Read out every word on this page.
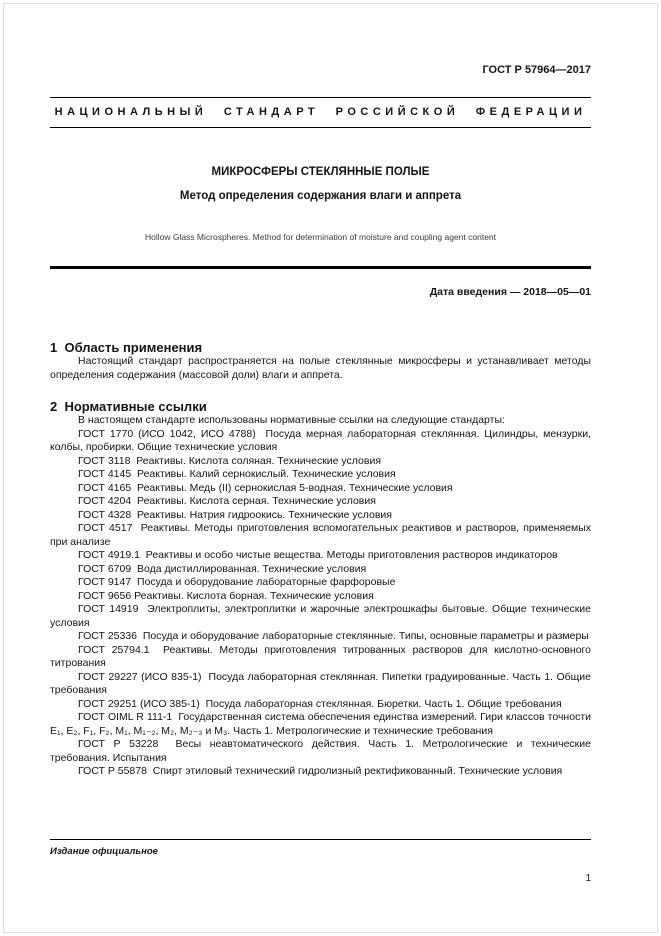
ГОСТ Р 57964—2017
НАЦИОНАЛЬНЫЙ СТАНДАРТ РОССИЙСКОЙ ФЕДЕРАЦИИ
МИКРОСФЕРЫ СТЕКЛЯННЫЕ ПОЛЫЕ
Метод определения содержания влаги и аппрета
Hollow Glass Microspheres. Method for determination of moisture and coupling agent content
Дата введения — 2018—05—01
1  Область применения

Настоящий стандарт распространяется на полые стеклянные микросферы и устанавливает методы определения содержания (массовой доли) влаги и аппрета.

2  Нормативные ссылки

В настоящем стандарте использованы нормативные ссылки на следующие стандарты:

ГОСТ 1770 (ИСО 1042, ИСО 4788)  Посуда мерная лабораторная стеклянная. Цилиндры, мензурки, колбы, пробирки. Общие технические условия

ГОСТ 3118  Реактивы. Кислота соляная. Технические условия

ГОСТ 4145  Реактивы. Калий сернокислый. Технические условия

ГОСТ 4165  Реактивы. Медь (II) сернокислая 5-водная. Технические условия

ГОСТ 4204  Реактивы. Кислота серная. Технические условия

ГОСТ 4328  Реактивы. Натрия гидроокись. Технические условия

ГОСТ 4517  Реактивы. Методы приготовления вспомогательных реактивов и растворов, применяемых при анализе

ГОСТ 4919.1  Реактивы и особо чистые вещества. Методы приготовления растворов индикаторов

ГОСТ 6709  Вода дистиллированная. Технические условия

ГОСТ 9147  Посуда и оборудование лабораторные фарфоровые

ГОСТ 9656 Реактивы. Кислота борная. Технические условия

ГОСТ 14919  Электроплиты, электроплитки и жарочные электрошкафы бытовые. Общие технические условия

ГОСТ 25336  Посуда и оборудование лабораторные стеклянные. Типы, основные параметры и размеры

ГОСТ 25794.1  Реактивы. Методы приготовления титрованных растворов для кислотно-основного титрования

ГОСТ 29227 (ИСО 835-1)  Посуда лабораторная стеклянная. Пипетки градуированные. Часть 1. Общие требования

ГОСТ 29251 (ИСО 385-1)  Посуда лабораторная стеклянная. Бюретки. Часть 1. Общие требования

ГОСТ OIML R 111-1  Государственная система обеспечения единства измерений. Гири классов точности E₁, E₂, F₁, F₂, M₁, M₁₋₂, M₂, M₂₋₃ и M₃. Часть 1. Метрологические и технические требования

ГОСТ Р 53228  Весы неавтоматического действия. Часть 1. Метрологические и технические требования. Испытания

ГОСТ Р 55878  Спирт этиловый технический гидролизный ректификованный. Технические условия

Издание официальное
1
